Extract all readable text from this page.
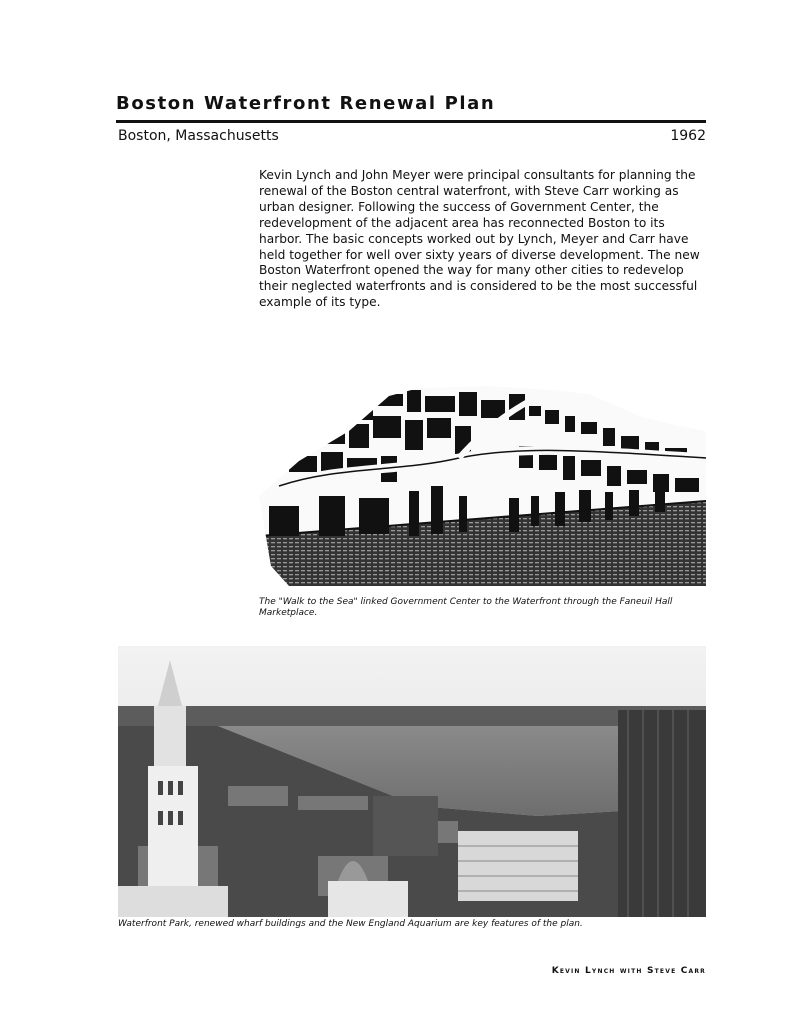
Boston Waterfront Renewal Plan
Boston, Massachusetts	1962
Kevin Lynch and John Meyer were principal consultants for planning the renewal of the Boston central waterfront, with Steve Carr working as urban designer. Following the success of Government Center, the redevelopment of the adjacent area has reconnected Boston to its harbor. The basic concepts worked out by Lynch, Meyer and Carr have held together for well over sixty years of diverse development. The new Boston Waterfront opened the way for many other cities to redevelop their neglected waterfronts and is considered to be the most successful example of its type.
The "Walk to the Sea" linked Government Center to the Waterfront through the Faneuil Hall Marketplace.
Waterfront Park, renewed wharf buildings and the New England Aquarium are key features of the plan.
Kevin Lynch with Steve Carr
